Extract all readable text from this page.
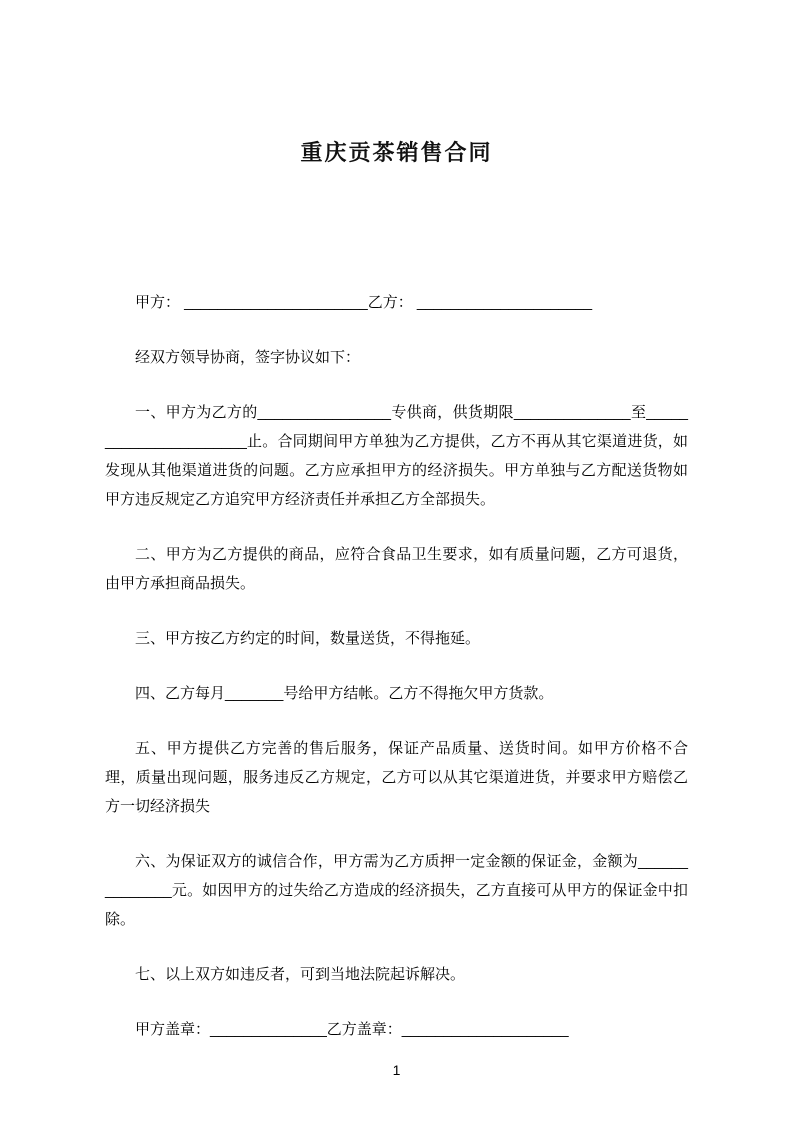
重庆贡茶销售合同

甲方： ______________________乙方： _____________________

经双方领导协商，签字协议如下：

一、甲方为乙方的________________专供商，供货期限______________至______________________止。合同期间甲方单独为乙方提供，乙方不再从其它渠道进货，如发现从其他渠道进货的问题。乙方应承担甲方的经济损失。甲方单独与乙方配送货物如甲方违反规定乙方追究甲方经济责任并承担乙方全部损失。

二、甲方为乙方提供的商品，应符合食品卫生要求，如有质量问题，乙方可退货，由甲方承担商品损失。

三、甲方按乙方约定的时间，数量送货，不得拖延。

四、乙方每月_______号给甲方结帐。乙方不得拖欠甲方货款。

五、甲方提供乙方完善的售后服务，保证产品质量、送货时间。如甲方价格不合理，质量出现问题，服务违反乙方规定，乙方可以从其它渠道进货，并要求甲方赔偿乙方一切经济损失

六、为保证双方的诚信合作，甲方需为乙方质押一定金额的保证金，金额为______________元。如因甲方的过失给乙方造成的经济损失，乙方直接可从甲方的保证金中扣除。

七、以上双方如违反者，可到当地法院起诉解决。

甲方盖章：______________乙方盖章：____________________

1
